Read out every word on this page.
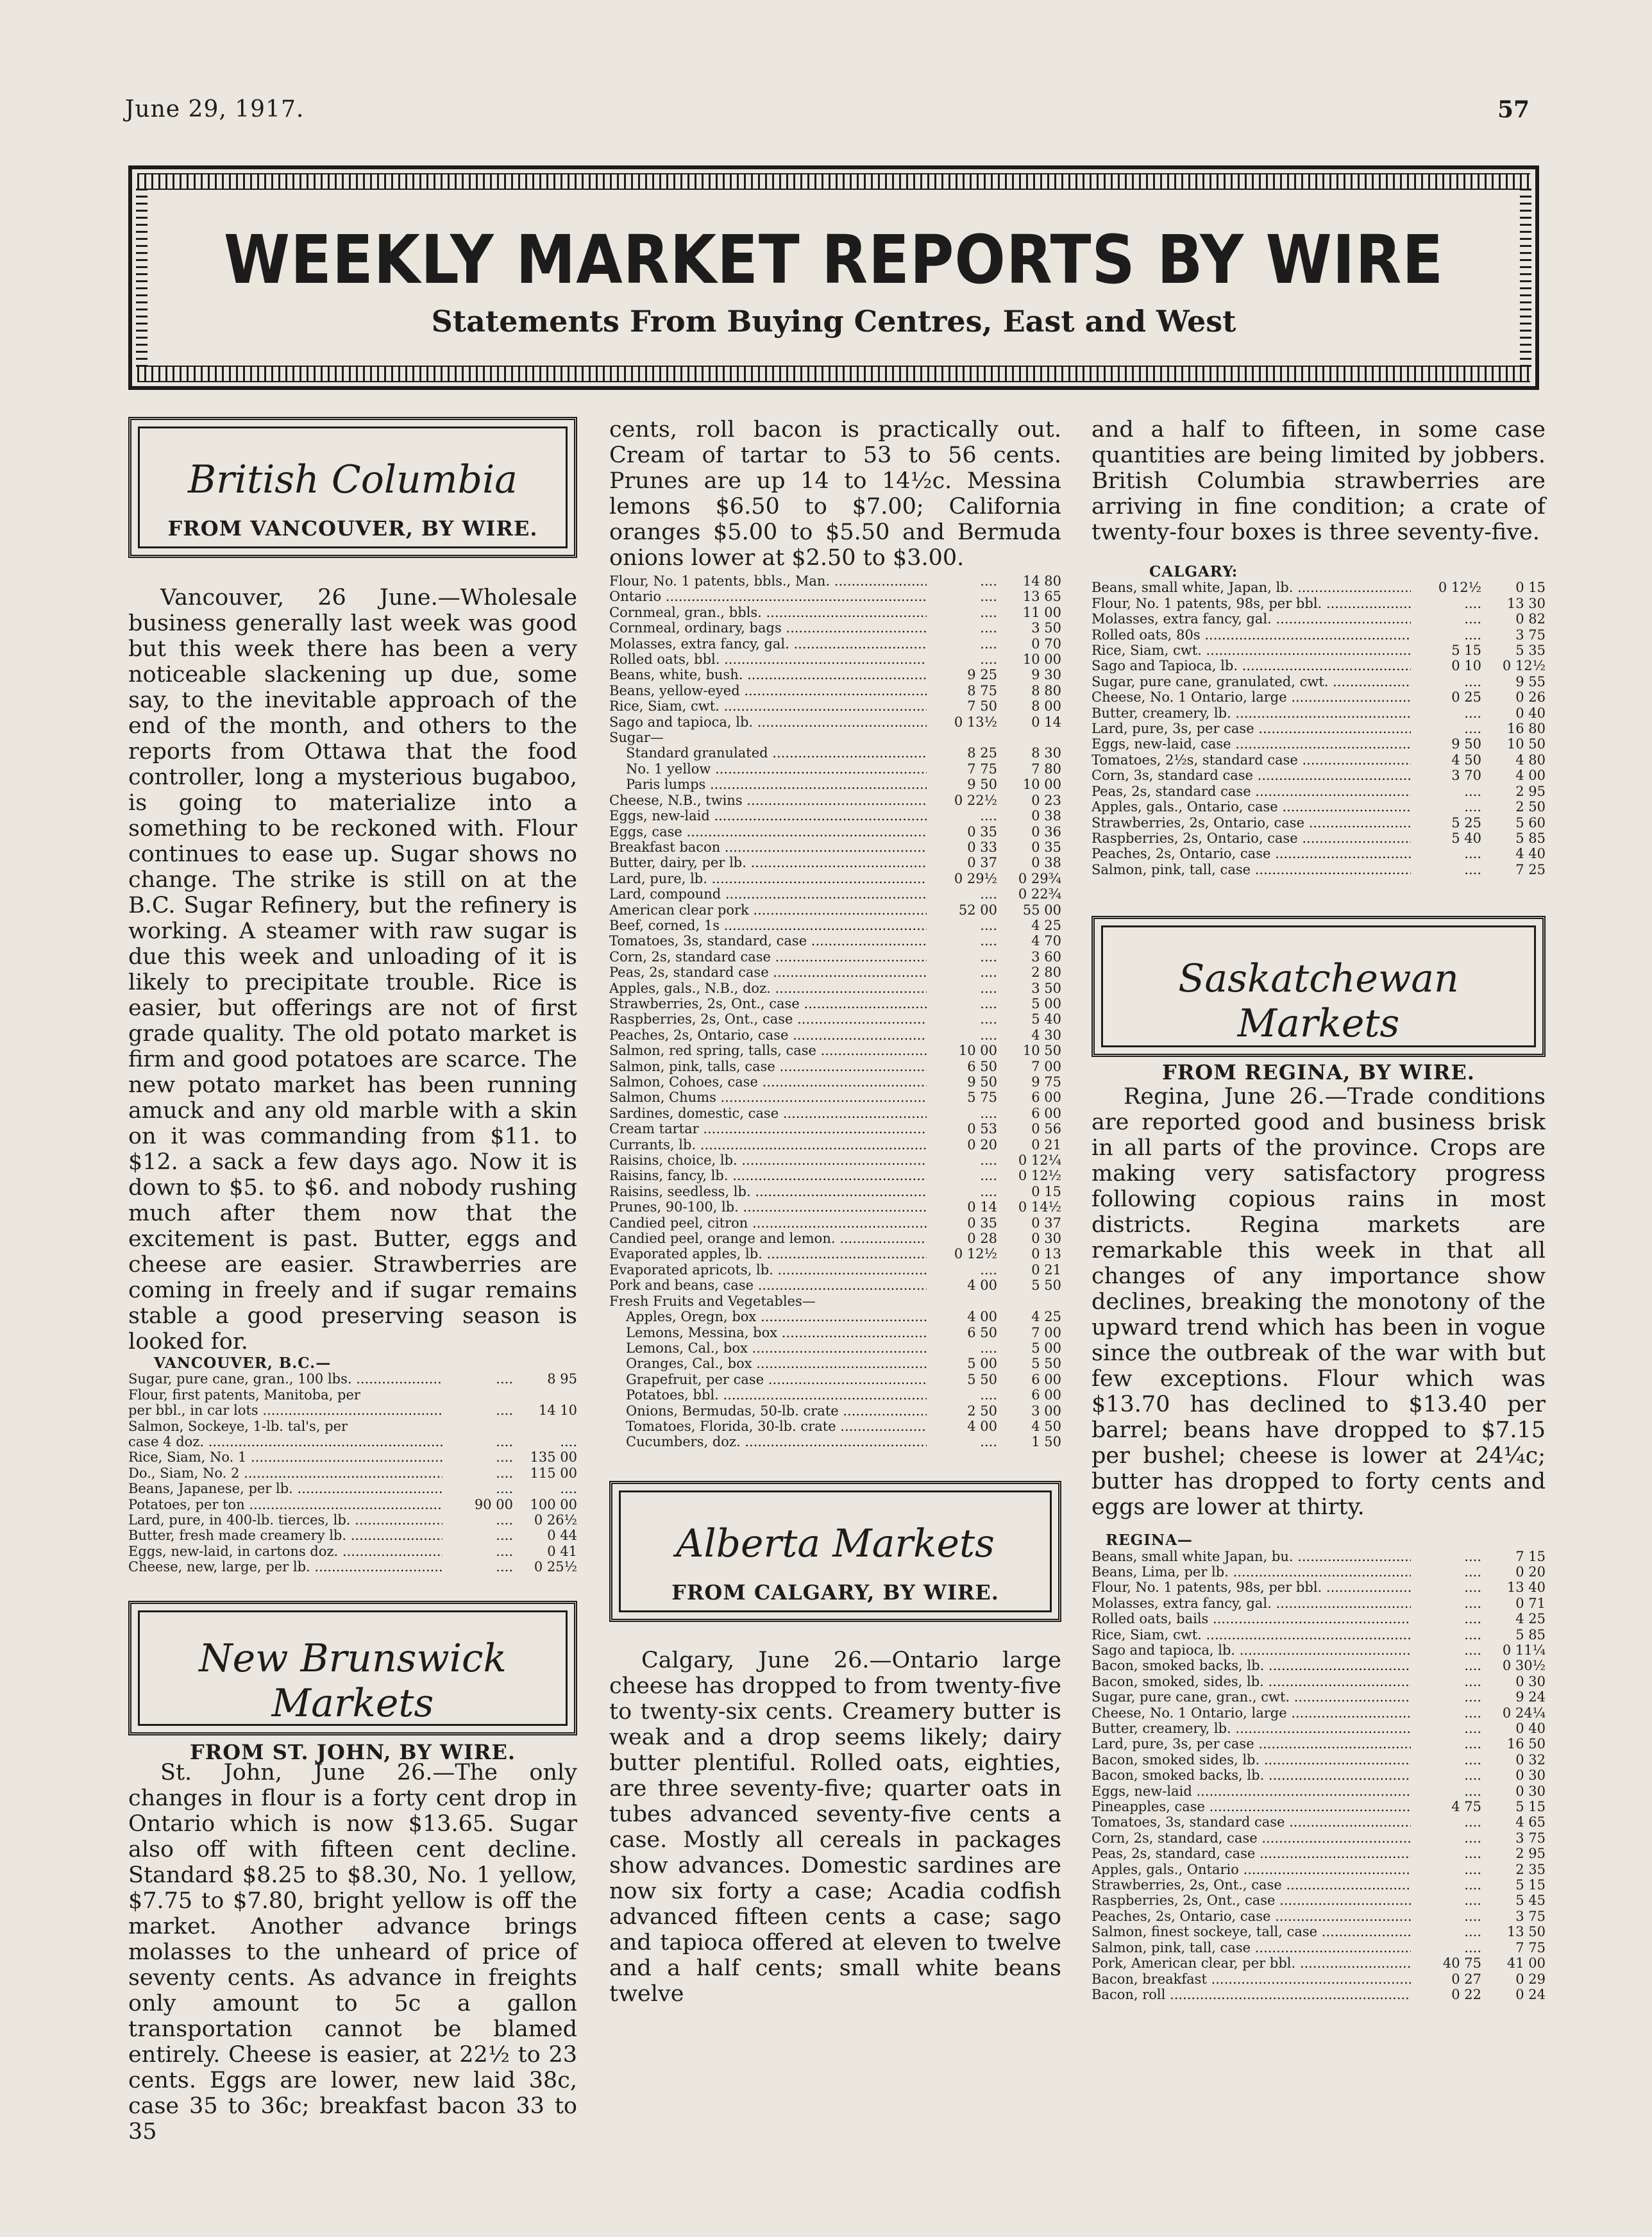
June 29, 1917.	57
WEEKLY MARKET REPORTS BY WIRE
Statements From Buying Centres, East and West

British Columbia

FROM VANCOUVER, BY WIRE.

Vancouver, 26 June.—Wholesale business generally last week was good but this week there has been a very noticeable slackening up due, some say, to the inevitable approach of the end of the month, and others to the reports from Ottawa that the food controller, long a mysterious bugaboo, is going to materialize into a something to be reckoned with. Flour continues to ease up. Sugar shows no change. The strike is still on at the B.C. Sugar Refinery, but the refinery is working. A steamer with raw sugar is due this week and unloading of it is likely to precipitate trouble. Rice is easier, but offerings are not of first grade quality. The old potato market is firm and good potatoes are scarce. The new potato market has been running amuck and any old marble with a skin on it was commanding from $11. to $12. a sack a few days ago. Now it is down to $5. to $6. and nobody rushing much after them now that the excitement is past. Butter, eggs and cheese are easier. Strawberries are coming in freely and if sugar remains stable a good preserving season is looked for.

VANCOUVER, B.C.—
Sugar, pure cane, gran., 100 lbs. .....	....	8 95
Flour, first patents, Manitoba, per
per bbl., in car lots .....	....	14 10
Salmon, Sockeye, 1-lb. tal's, per
case 4 doz. .....	....	....
Rice, Siam, No. 1 .....	....	135 00
Do., Siam, No. 2 .....	....	115 00
Beans, Japanese, per lb. .....	....	....
Potatoes, per ton .....	90 00	100 00
Lard, pure, in 400-lb. tierces, lb. .....	....	0 26½
Butter, fresh made creamery lb. .....	....	0 44
Eggs, new-laid, in cartons doz. .....	....	0 41
Cheese, new, large, per lb. .....	....	0 25½

New Brunswick Markets

FROM ST. JOHN, BY WIRE.

St. John, June 26.—The only changes in flour is a forty cent drop in Ontario which is now $13.65. Sugar also off with fifteen cent decline. Standard $8.25 to $8.30, No. 1 yellow, $7.75 to $7.80, bright yellow is off the market. Another advance brings molasses to the unheard of price of seventy cents. As advance in freights only amount to 5c a gallon transportation cannot be blamed entirely. Cheese is easier, at 22½ to 23 cents. Eggs are lower, new laid 38c, case 35 to 36c; breakfast bacon 33 to 35

cents, roll bacon is practically out. Cream of tartar to 53 to 56 cents. Prunes are up 14 to 14½c. Messina lemons $6.50 to $7.00; California oranges $5.00 to $5.50 and Bermuda onions lower at $2.50 to $3.00.

Flour, No. 1 patents, bbls., Man. .....	....	14 80
Ontario .....	....	13 65
Cornmeal, gran., bbls. .....	....	11 00
Cornmeal, ordinary, bags .....	....	3 50
Molasses, extra fancy, gal. .....	....	0 70
Rolled oats, bbl. .....	....	10 00
Beans, white, bush. .....	9 25	9 30
Beans, yellow-eyed .....	8 75	8 80
Rice, Siam, cwt. .....	7 50	8 00
Sago and tapioca, lb. .....	0 13½	0 14
Sugar—
Standard granulated .....	8 25	8 30
No. 1 yellow .....	7 75	7 80
Paris lumps .....	9 50	10 00
Cheese, N.B., twins .....	0 22½	0 23
Eggs, new-laid .....	....	0 38
Eggs, case .....	0 35	0 36
Breakfast bacon .....	0 33	0 35
Butter, dairy, per lb. .....	0 37	0 38
Lard, pure, lb. .....	0 29½	0 29¾
Lard, compound .....	....	0 22¾
American clear pork .....	52 00	55 00
Beef, corned, 1s .....	....	4 25
Tomatoes, 3s, standard, case .....	....	4 70
Corn, 2s, standard case .....	....	3 60
Peas, 2s, standard case .....	....	2 80
Apples, gals., N.B., doz. .....	....	3 50
Strawberries, 2s, Ont., case .....	....	5 00
Raspberries, 2s, Ont., case .....	....	5 40
Peaches, 2s, Ontario, case .....	....	4 30
Salmon, red spring, talls, case .....	10 00	10 50
Salmon, pink, talls, case .....	6 50	7 00
Salmon, Cohoes, case .....	9 50	9 75
Salmon, Chums .....	5 75	6 00
Sardines, domestic, case .....	....	6 00
Cream tartar .....	0 53	0 56
Currants, lb. .....	0 20	0 21
Raisins, choice, lb. .....	....	0 12¼
Raisins, fancy, lb. .....	....	0 12½
Raisins, seedless, lb. .....	....	0 15
Prunes, 90-100, lb. .....	0 14	0 14½
Candied peel, citron .....	0 35	0 37
Candied peel, orange and lemon. .....	0 28	0 30
Evaporated apples, lb. .....	0 12½	0 13
Evaporated apricots, lb. .....	....	0 21
Pork and beans, case .....	4 00	5 50
Fresh Fruits and Vegetables—
Apples, Oregn, box .....	4 00	4 25
Lemons, Messina, box .....	6 50	7 00
Lemons, Cal., box .....	....	5 00
Oranges, Cal., box .....	5 00	5 50
Grapefruit, per case .....	5 50	6 00
Potatoes, bbl. .....	....	6 00
Onions, Bermudas, 50-lb. crate .....	2 50	3 00
Tomatoes, Florida, 30-lb. crate .....	4 00	4 50
Cucumbers, doz. .....	....	1 50

Alberta Markets

FROM CALGARY, BY WIRE.

Calgary, June 26.—Ontario large cheese has dropped to from twenty-five to twenty-six cents. Creamery butter is weak and a drop seems likely; dairy butter plentiful. Rolled oats, eighties, are three seventy-five; quarter oats in tubes advanced seventy-five cents a case. Mostly all cereals in packages show advances. Domestic sardines are now six forty a case; Acadia codfish advanced fifteen cents a case; sago and tapioca offered at eleven to twelve and a half cents; small white beans twelve

and a half to fifteen, in some case quantities are being limited by jobbers. British Columbia strawberries are arriving in fine condition; a crate of twenty-four boxes is three seventy-five.

CALGARY:
Beans, small white, Japan, lb. .....	0 12½	0 15
Flour, No. 1 patents, 98s, per bbl. .....	....	13 30
Molasses, extra fancy, gal. .....	....	0 82
Rolled oats, 80s .....	....	3 75
Rice, Siam, cwt. .....	5 15	5 35
Sago and Tapioca, lb. .....	0 10	0 12½
Sugar, pure cane, granulated, cwt. .....	....	9 55
Cheese, No. 1 Ontario, large .....	0 25	0 26
Butter, creamery, lb. .....	....	0 40
Lard, pure, 3s, per case .....	....	16 80
Eggs, new-laid, case .....	9 50	10 50
Tomatoes, 2½s, standard case .....	4 50	4 80
Corn, 3s, standard case .....	3 70	4 00
Peas, 2s, standard case .....	....	2 95
Apples, gals., Ontario, case .....	....	2 50
Strawberries, 2s, Ontario, case .....	5 25	5 60
Raspberries, 2s, Ontario, case .....	5 40	5 85
Peaches, 2s, Ontario, case .....	....	4 40
Salmon, pink, tall, case .....	....	7 25

Saskatchewan Markets

FROM REGINA, BY WIRE.

Regina, June 26.—Trade conditions are reported good and business brisk in all parts of the province. Crops are making very satisfactory progress following copious rains in most districts. Regina markets are remarkable this week in that all changes of any importance show declines, breaking the monotony of the upward trend which has been in vogue since the outbreak of the war with but few exceptions. Flour which was $13.70 has declined to $13.40 per barrel; beans have dropped to $7.15 per bushel; cheese is lower at 24¼c; butter has dropped to forty cents and eggs are lower at thirty.

REGINA—
Beans, small white Japan, bu. .....	....	7 15
Beans, Lima, per lb. .....	....	0 20
Flour, No. 1 patents, 98s, per bbl. .....	....	13 40
Molasses, extra fancy, gal. .....	....	0 71
Rolled oats, bails .....	....	4 25
Rice, Siam, cwt. .....	....	5 85
Sago and tapioca, lb. .....	....	0 11¼
Bacon, smoked backs, lb. .....	....	0 30½
Bacon, smoked, sides, lb. .....	....	0 30
Sugar, pure cane, gran., cwt. .....	....	9 24
Cheese, No. 1 Ontario, large .....	....	0 24¼
Butter, creamery, lb. .....	....	0 40
Lard, pure, 3s, per case .....	....	16 50
Bacon, smoked sides, lb. .....	....	0 32
Bacon, smoked backs, lb. .....	....	0 30
Eggs, new-laid .....	....	0 30
Pineapples, case .....	4 75	5 15
Tomatoes, 3s, standard case .....	....	4 65
Corn, 2s, standard, case .....	....	3 75
Peas, 2s, standard, case .....	....	2 95
Apples, gals., Ontario .....	....	2 35
Strawberries, 2s, Ont., case .....	....	5 15
Raspberries, 2s, Ont., case .....	....	5 45
Peaches, 2s, Ontario, case .....	....	3 75
Salmon, finest sockeye, tall, case .....	....	13 50
Salmon, pink, tall, case .....	....	7 75
Pork, American clear, per bbl. .....	40 75	41 00
Bacon, breakfast .....	0 27	0 29
Bacon, roll .....	0 22	0 24
